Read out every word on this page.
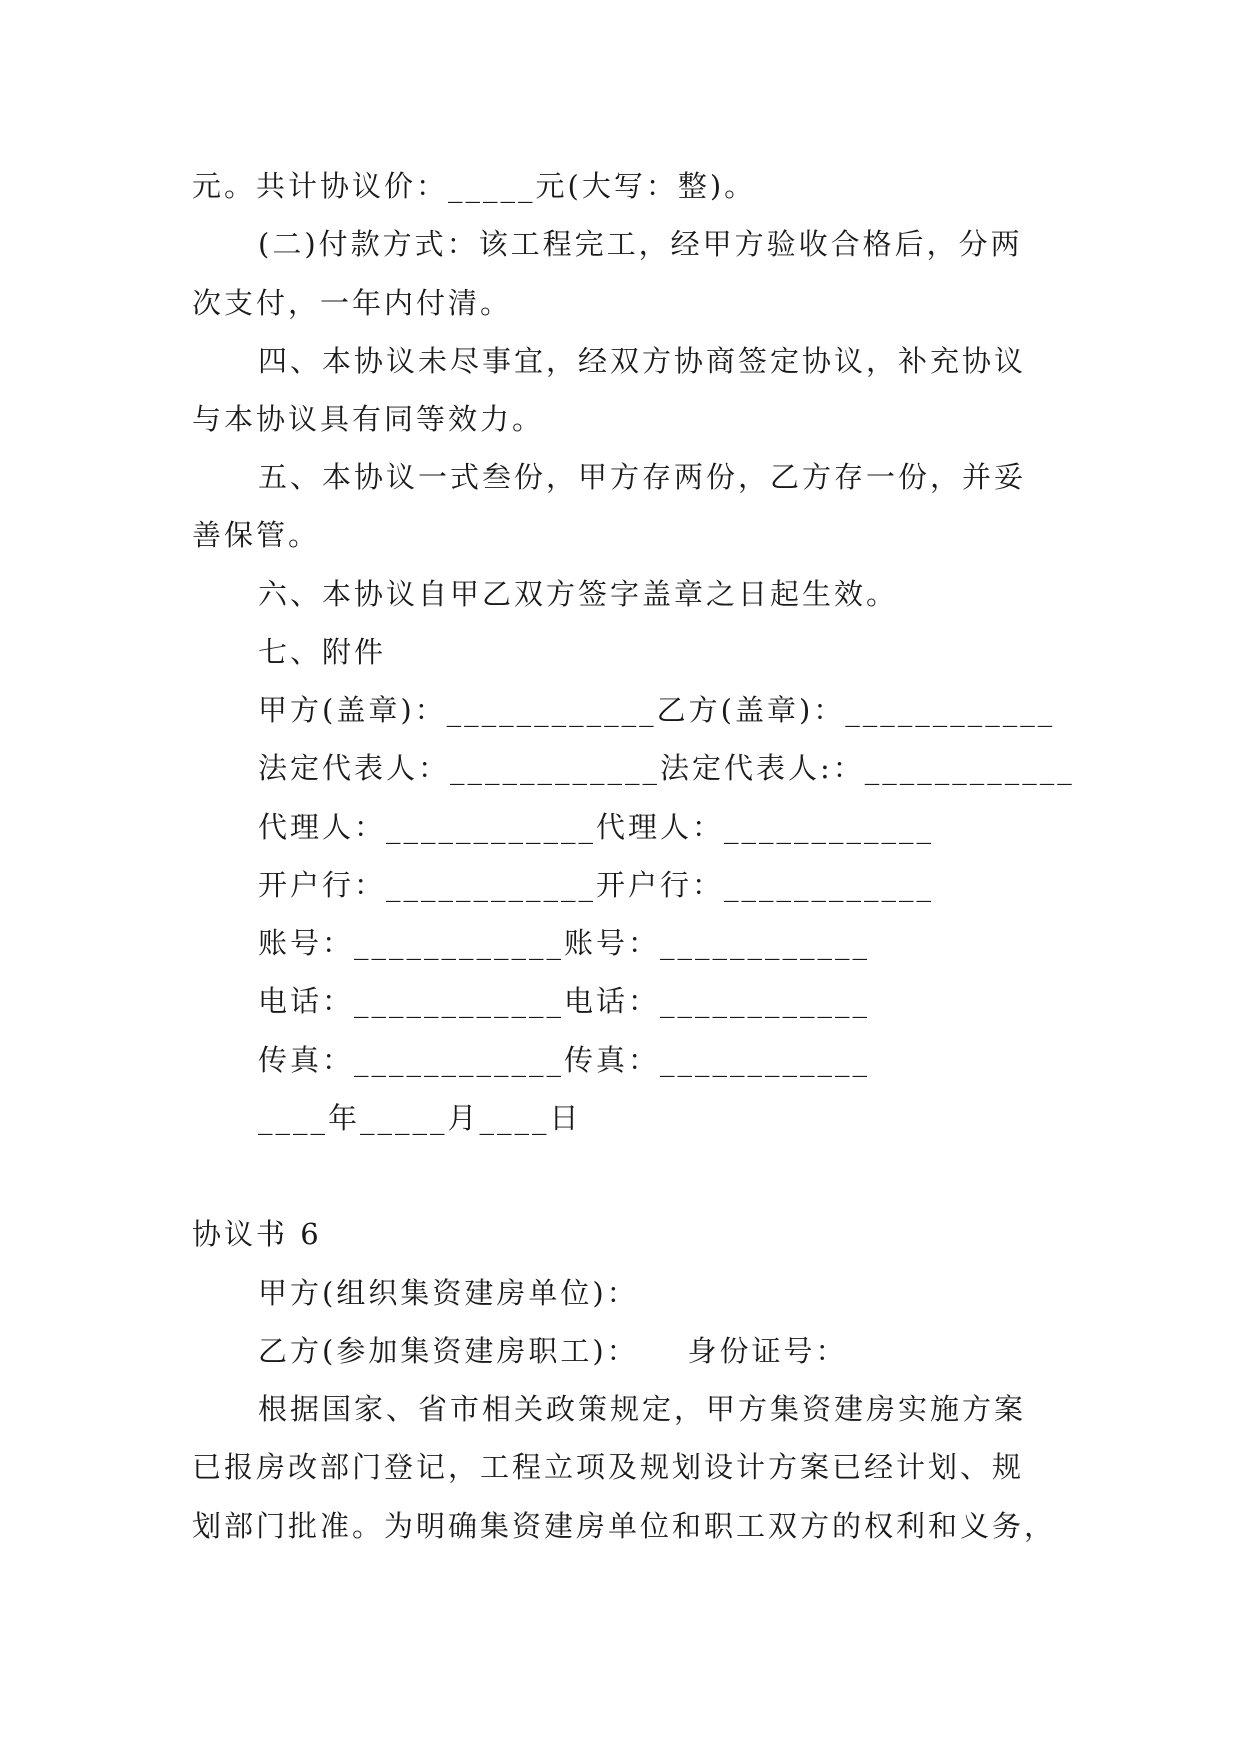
元。共计协议价：_____元(大写：整)。
(二)付款方式：该工程完工，经甲方验收合格后，分两
次支付，一年内付清。
四、本协议未尽事宜，经双方协商签定协议，补充协议
与本协议具有同等效力。
五、本协议一式叁份，甲方存两份，乙方存一份，并妥
善保管。
六、本协议自甲乙双方签字盖章之日起生效。
七、附件
甲方(盖章)：____________乙方(盖章)：____________
法定代表人：____________法定代表人:：____________
代理人：____________代理人：____________
开户行：____________开户行：____________
账号：____________账号：____________
电话：____________电话：____________
传真：____________传真：____________
____年_____月____日
协议书 6
甲方(组织集资建房单位)：
乙方(参加集资建房职工)：    身份证号：
根据国家、省市相关政策规定，甲方集资建房实施方案
已报房改部门登记，工程立项及规划设计方案已经计划、规
划部门批准。为明确集资建房单位和职工双方的权利和义务，
